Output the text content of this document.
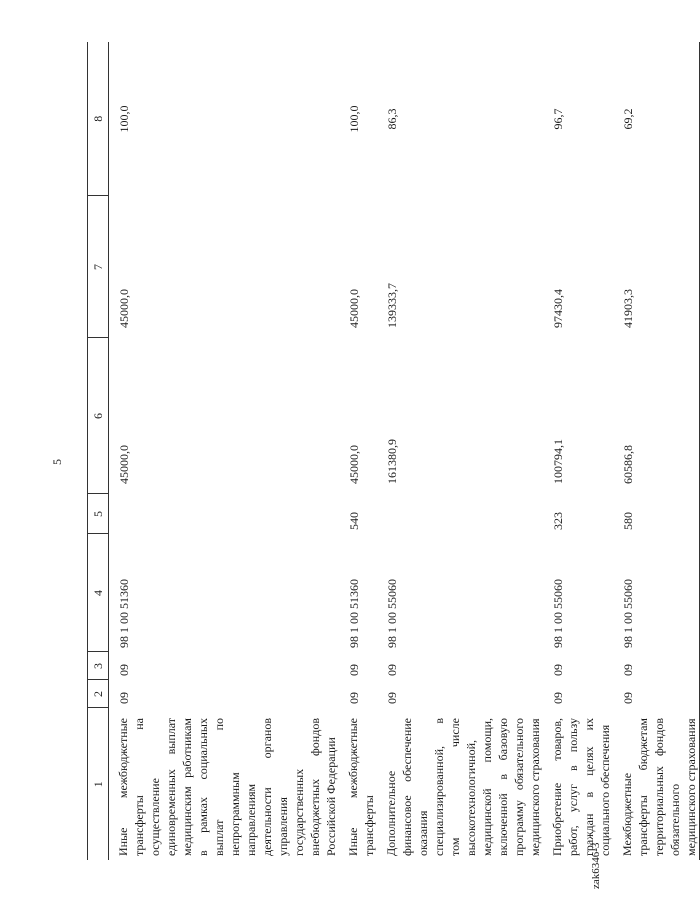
5
1	2	3	4	5	6	7	8
Иные межбюджетные трансферты на осуществление единовременных выплат медицинским работникам в рамках социальных выплат по непрограммным направлениям деятельности органов управления государственных внебюджетных фондов Российской Федерации	09	09	98 1 00 51360		45000,0	45000,0	100,0
Иные межбюджетные трансферты	09	09	98 1 00 51360	540	45000,0	45000,0	100,0
Дополнительное финансовое обеспечение оказания специализированной, в том числе высокотехнологичной, медицинской помощи, включенной в базовую программу обязательного медицинского страхования	09	09	98 1 00 55060		161380,9	139333,7	86,3
Приобретение товаров, работ, услуг в пользу граждан в целях их социального обеспечения	09	09	98 1 00 55060	323	100794,1	97430,4	96,7
Межбюджетные трансферты бюджетам территориальных фондов обязательного медицинского страхования	09	09	98 1 00 55060	580	60586,8	41903,3	69,2
zak6346-3
